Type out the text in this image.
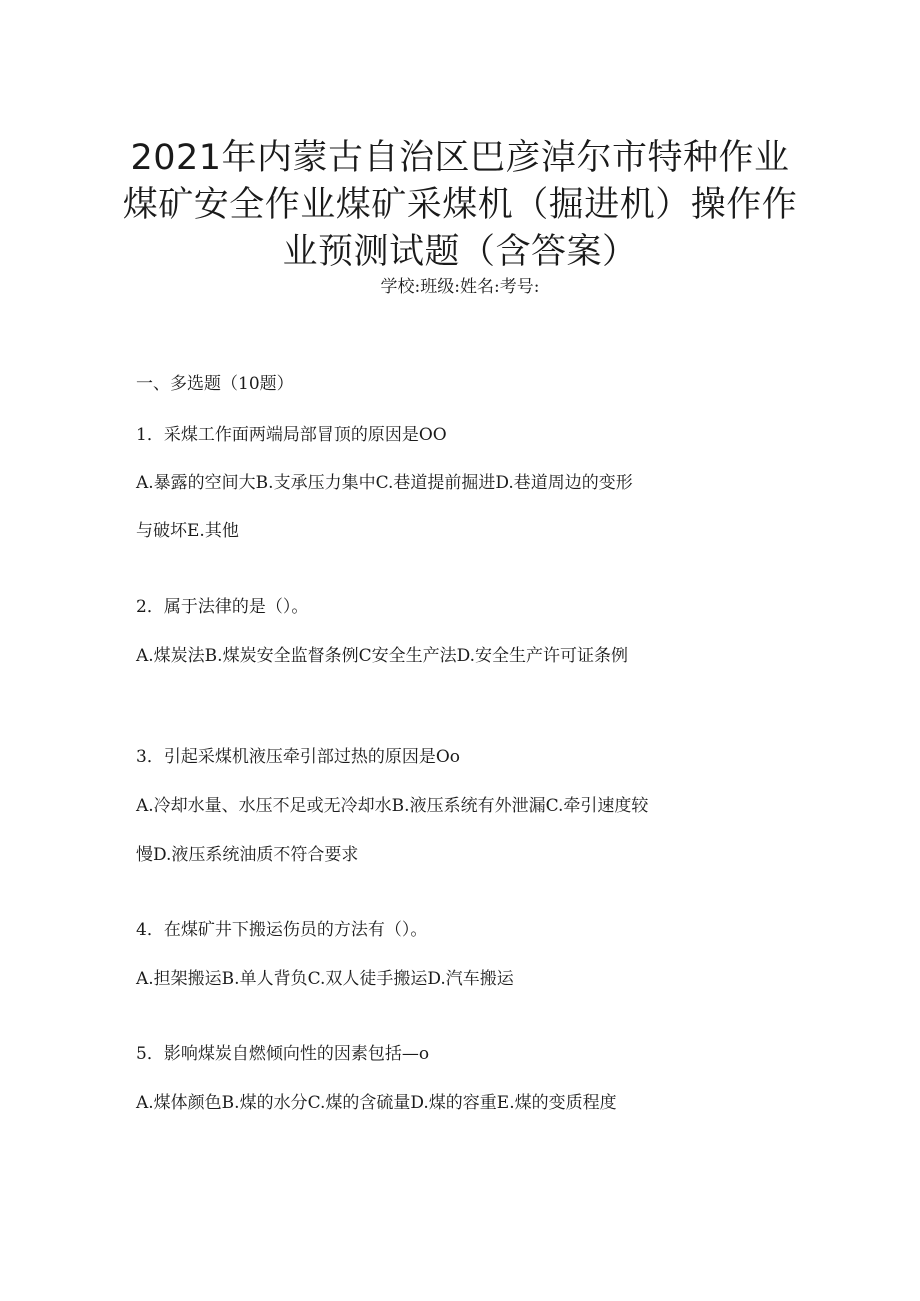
2021年内蒙古自治区巴彦淖尔市特种作业
煤矿安全作业煤矿采煤机（掘进机）操作作
业预测试题（含答案）
学校:班级:姓名:考号:
一、多选题（10题）
1．采煤工作面两端局部冒顶的原因是OO
A.暴露的空间大B.支承压力集中C.巷道提前掘进D.巷道周边的变形
与破坏E.其他
2．属于法律的是（）。
A.煤炭法B.煤炭安全监督条例C安全生产法D.安全生产许可证条例
3．引起采煤机液压牵引部过热的原因是Oo
A.冷却水量、水压不足或无冷却水B.液压系统有外泄漏C.牵引速度较
慢D.液压系统油质不符合要求
4．在煤矿井下搬运伤员的方法有（）。
A.担架搬运B.单人背负C.双人徒手搬运D.汽车搬运
5．影响煤炭自燃倾向性的因素包括—o
A.煤体颜色B.煤的水分C.煤的含硫量D.煤的容重E.煤的变质程度
